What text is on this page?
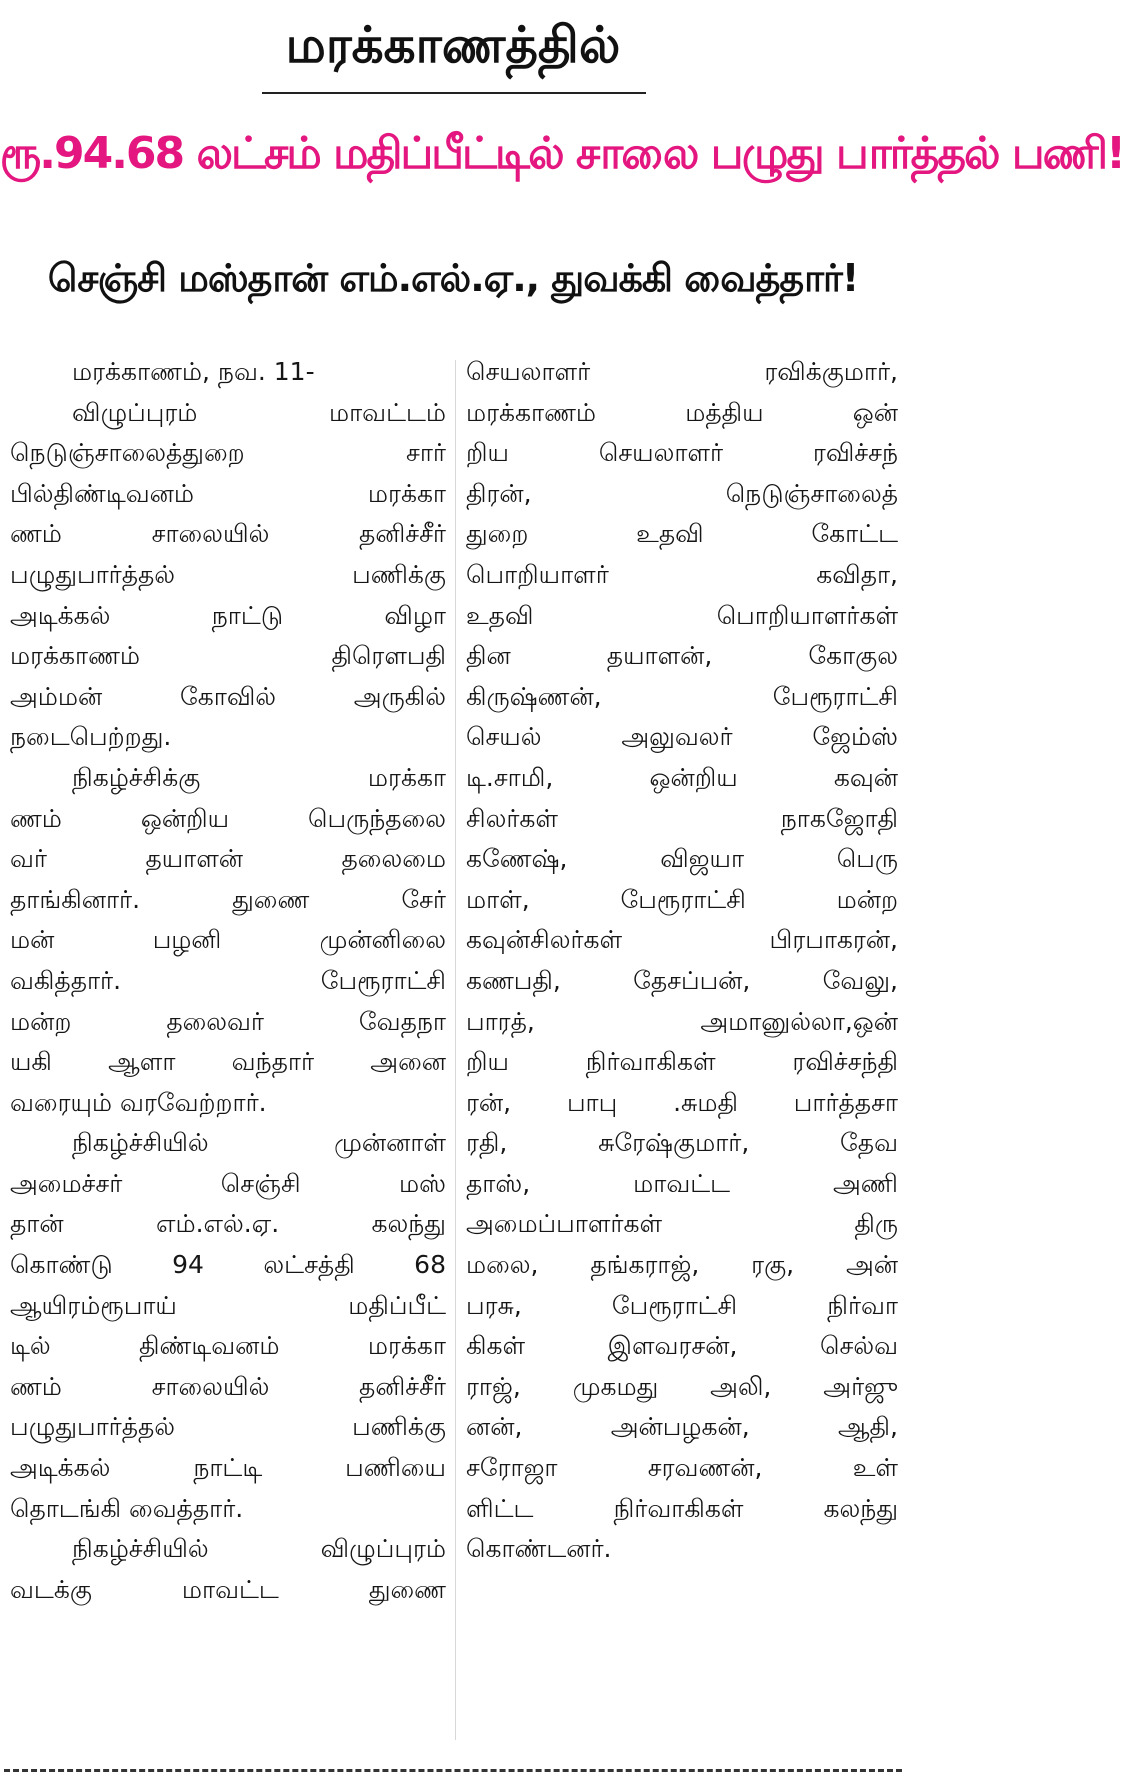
மரக்காணத்தில்
ரூ.94.68 லட்சம் மதிப்பீட்டில் சாலை பழுது பார்த்தல் பணி!
செஞ்சி மஸ்தான் எம்.எல்.ஏ., துவக்கி வைத்தார்!
மரக்காணம், நவ. 11-
விழுப்புரம் மாவட்டம்
நெடுஞ்சாலைத்துறை சார்
பில்திண்டிவனம் மரக்கா
ணம் சாலையில் தனிச்சீர்
பழுதுபார்த்தல் பணிக்கு
அடிக்கல் நாட்டு விழா
மரக்காணம் திரௌபதி
அம்மன் கோவில் அருகில்
நடைபெற்றது.
நிகழ்ச்சிக்கு மரக்கா
ணம் ஒன்றிய பெருந்தலை
வர் தயாளன் தலைமை
தாங்கினார். துணை சேர்
மன் பழனி முன்னிலை
வகித்தார். பேரூராட்சி
மன்ற தலைவர் வேதநா
யகி ஆளா வந்தார் அனை
வரையும் வரவேற்றார்.
நிகழ்ச்சியில் முன்னாள்
அமைச்சர் செஞ்சி மஸ்
தான் எம்.எல்.ஏ. கலந்து
கொண்டு 94 லட்சத்தி 68
ஆயிரம்ரூபாய் மதிப்பீட்
டில் திண்டிவனம் மரக்கா
ணம் சாலையில் தனிச்சீர்
பழுதுபார்த்தல் பணிக்கு
அடிக்கல் நாட்டி பணியை
தொடங்கி வைத்தார்.
நிகழ்ச்சியில் விழுப்புரம்
வடக்கு மாவட்ட துணை
செயலாளர் ரவிக்குமார்,
மரக்காணம் மத்திய ஒன்
றிய செயலாளர் ரவிச்சந்
திரன், நெடுஞ்சாலைத்
துறை உதவி கோட்ட
பொறியாளர் கவிதா,
உதவி பொறியாளர்கள்
தின தயாளன், கோகுல
கிருஷ்ணன், பேரூராட்சி
செயல் அலுவலர் ஜேம்ஸ்
டி.சாமி, ஒன்றிய கவுன்
சிலர்கள் நாகஜோதி
கணேஷ், விஜயா பெரு
மாள், பேரூராட்சி மன்ற
கவுன்சிலர்கள் பிரபாகரன்,
கணபதி, தேசப்பன், வேலு,
பாரத், அமானுல்லா,ஒன்
றிய நிர்வாகிகள் ரவிச்சந்தி
ரன், பாபு .சுமதி பார்த்தசா
ரதி, சுரேஷ்குமார், தேவ
தாஸ், மாவட்ட அணி
அமைப்பாளர்கள் திரு
மலை, தங்கராஜ், ரகு, அன்
பரசு, பேரூராட்சி நிர்வா
கிகள் இளவரசன், செல்வ
ராஜ், முகமது அலி, அர்ஜு
னன், அன்பழகன், ஆதி,
சரோஜா சரவணன், உள்
ளிட்ட நிர்வாகிகள் கலந்து
கொண்டனர்.
